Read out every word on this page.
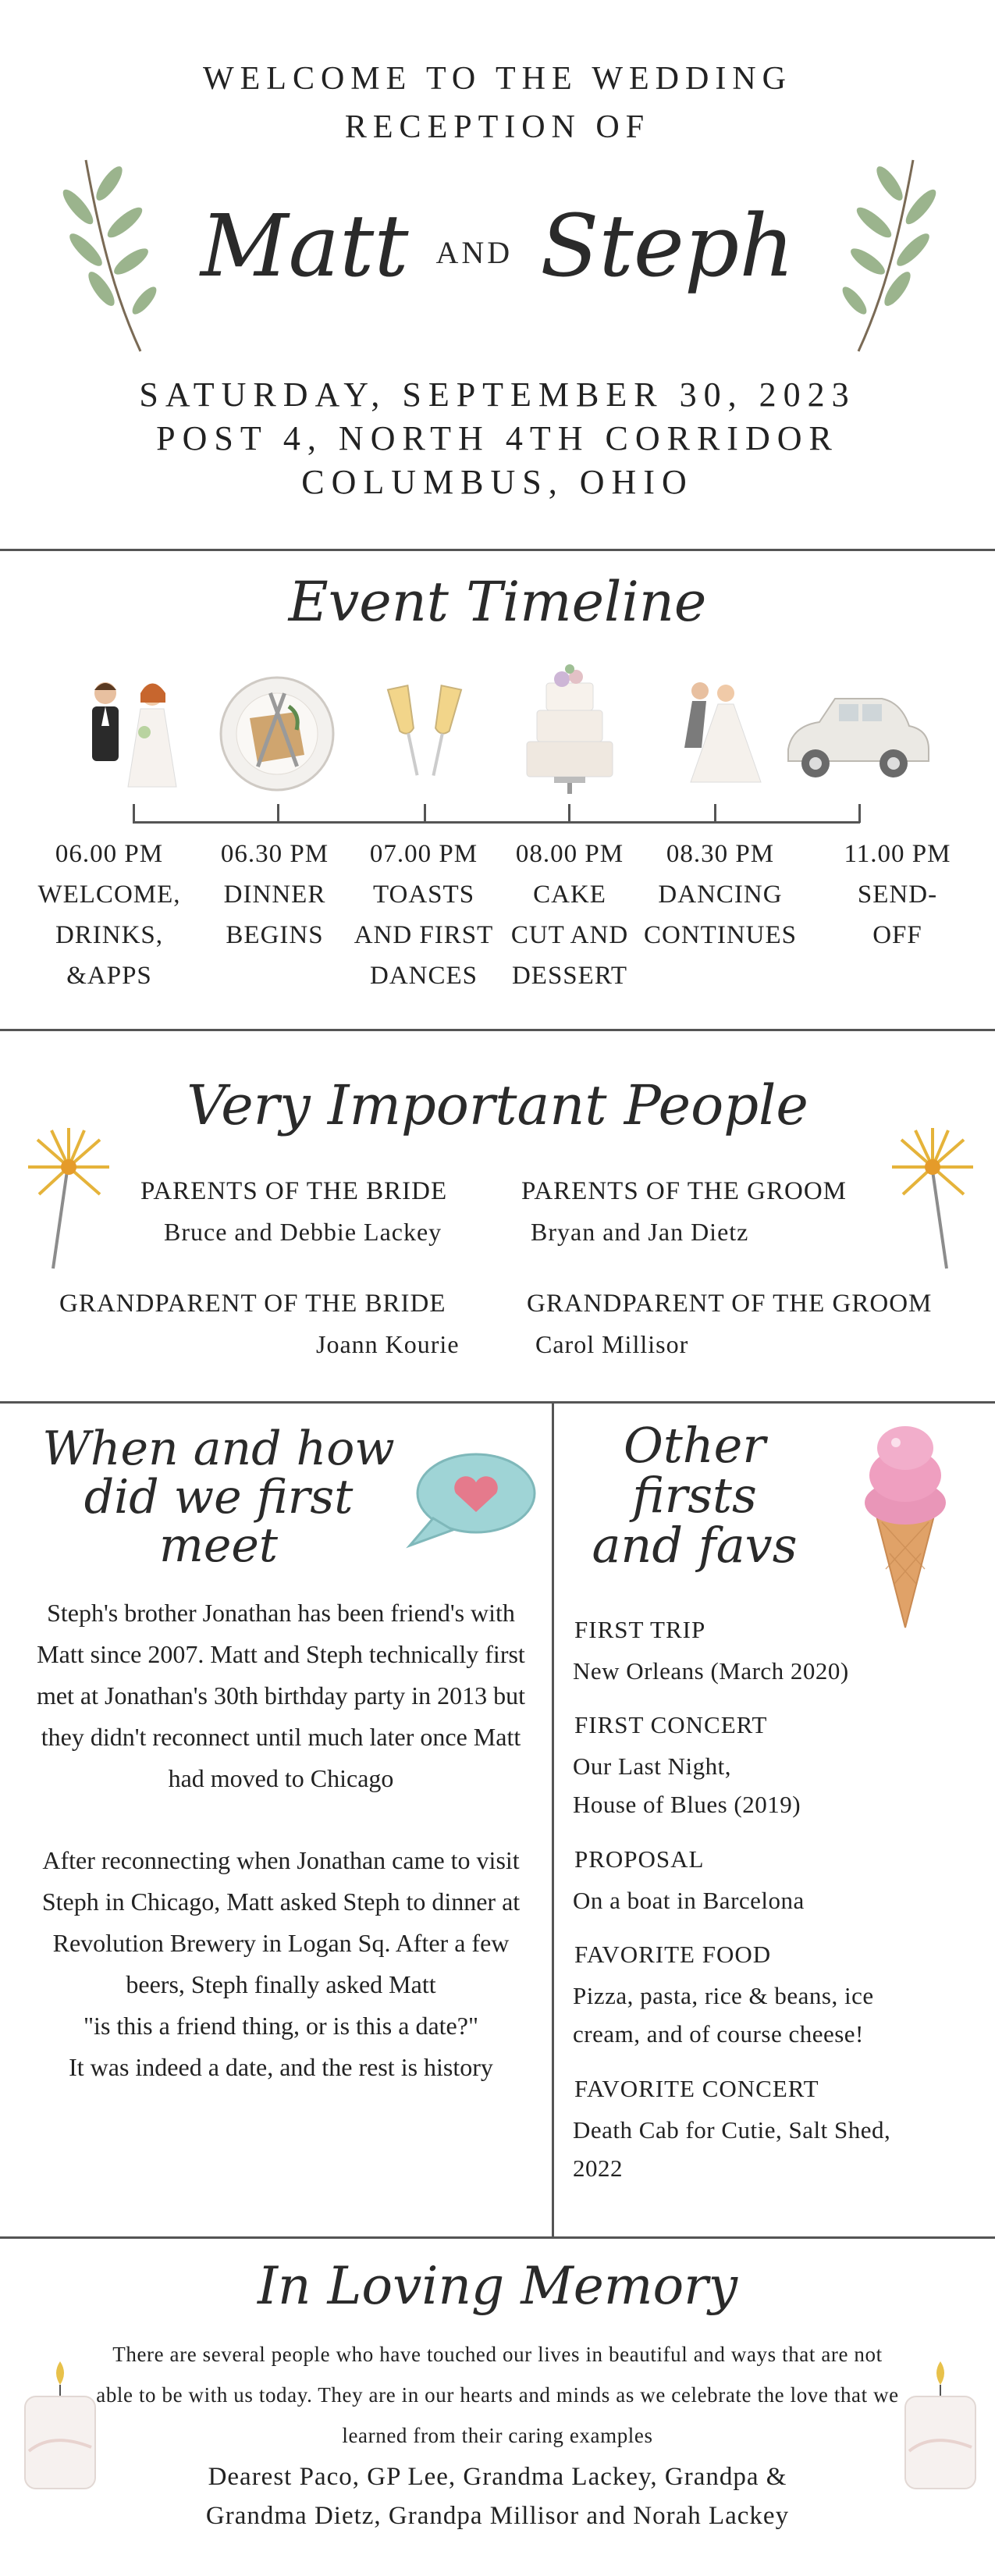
WELCOME TO THE WEDDING
RECEPTION OF
Matt AND Steph
SATURDAY, SEPTEMBER 30, 2023
POST 4, NORTH 4TH CORRIDOR
COLUMBUS, OHIO
Event Timeline
06.00 PM
WELCOME,
DRINKS,
&APPS
06.30 PM
DINNER
BEGINS
07.00 PM
TOASTS
AND FIRST
DANCES
08.00 PM
CAKE
CUT AND
DESSERT
08.30 PM
DANCING
CONTINUES
11.00 PM
SEND-
OFF
Very Important People
PARENTS OF THE BRIDE
Bruce and Debbie Lackey
PARENTS OF THE GROOM
Bryan and Jan Dietz
GRANDPARENT OF THE BRIDE
Joann Kourie
GRANDPARENT OF THE GROOM
Carol Millisor
When and how
did we first
meet

Steph's brother Jonathan has been friend's with Matt since 2007. Matt and Steph technically first met at Jonathan's 30th birthday party in 2013 but they didn't reconnect until much later once Matt had moved to Chicago

After reconnecting when Jonathan came to visit Steph in Chicago, Matt asked Steph to dinner at Revolution Brewery in Logan Sq. After a few beers, Steph finally asked Matt
"is this a friend thing, or is this a date?"
It was indeed a date, and the rest is history
Other
firsts
and favs
FIRST TRIP
New Orleans (March 2020)
FIRST CONCERT
Our Last Night,
House of Blues (2019)
PROPOSAL
On a boat in Barcelona
FAVORITE FOOD
Pizza, pasta, rice & beans, ice
cream, and of course cheese!
FAVORITE CONCERT
Death Cab for Cutie, Salt Shed,
2022
In Loving Memory
There are several people who have touched our lives in beautiful and ways that are not able to be with us today. They are in our hearts and minds as we celebrate the love that we learned from their caring examples
Dearest Paco, GP Lee, Grandma Lackey, Grandpa &
Grandma Dietz, Grandpa Millisor and Norah Lackey
